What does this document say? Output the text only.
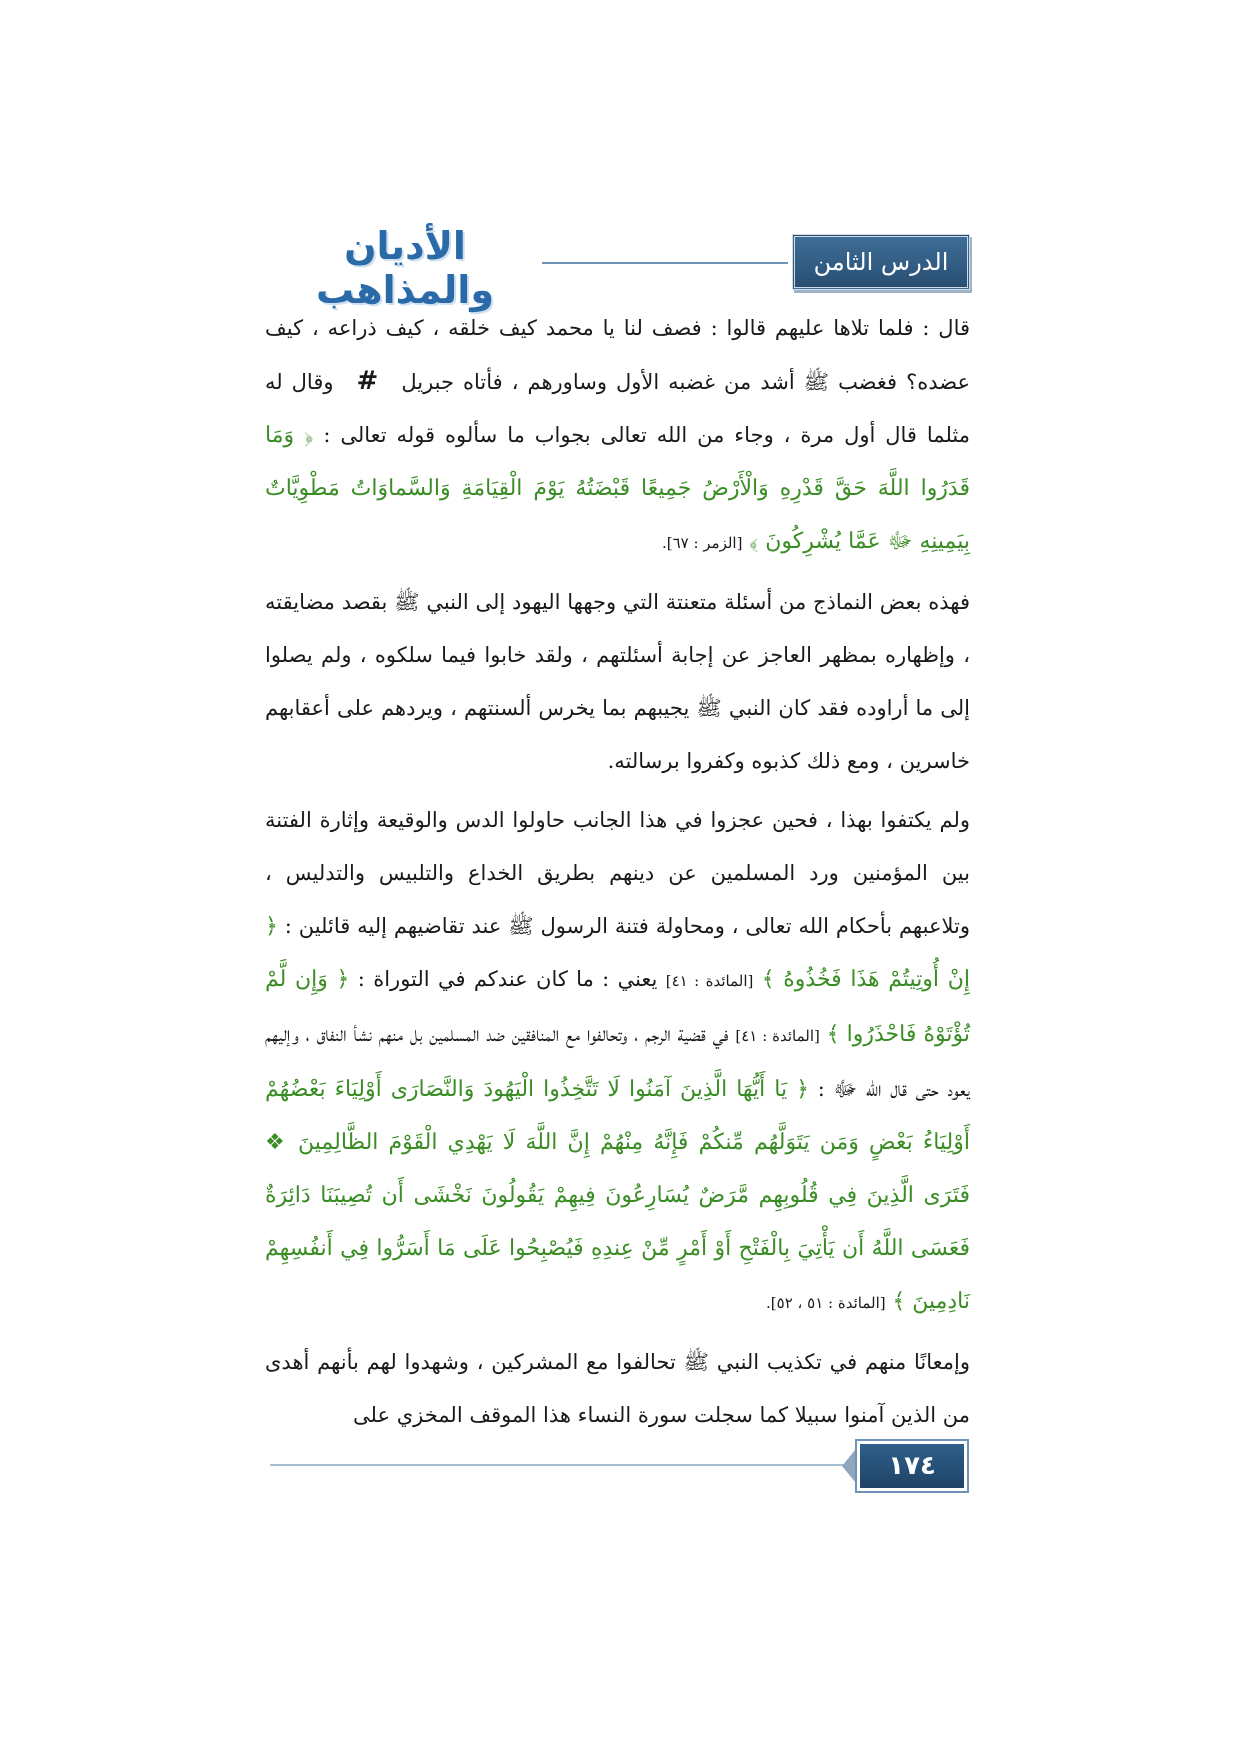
الدرس الثامن
الأديان والمذاهب

قال : فلما تلاها عليهم قالوا : فصف لنا يا محمد كيف خلقه ، كيف ذراعه ، كيف عضده؟ فغضب ﷺ أشد من غضبه الأول وساورهم ، فأتاه جبريل # وقال له مثلما قال أول مرة ، وجاء من الله تعالى بجواب ما سألوه قوله تعالى : ﴿ وَمَا قَدَرُوا اللَّهَ حَقَّ قَدْرِهِ وَالْأَرْضُ جَمِيعًا قَبْضَتُهُ يَوْمَ الْقِيَامَةِ وَالسَّماوَاتُ مَطْوِيَّاتٌ بِيَمِينِهِ ﷻ عَمَّا يُشْرِكُونَ ﴾ [الزمر : ٦٧].

فهذه بعض النماذج من أسئلة متعنتة التي وجهها اليهود إلى النبي ﷺ بقصد مضايقته ، وإظهاره بمظهر العاجز عن إجابة أسئلتهم ، ولقد خابوا فيما سلكوه ، ولم يصلوا إلى ما أراوده فقد كان النبي ﷺ يجيبهم بما يخرس ألسنتهم ، ويردهم على أعقابهم خاسرين ، ومع ذلك كذبوه وكفروا برسالته.

ولم يكتفوا بهذا ، فحين عجزوا في هذا الجانب حاولوا الدس والوقيعة وإثارة الفتنة بين المؤمنين ورد المسلمين عن دينهم بطريق الخداع والتلبيس والتدليس ، وتلاعبهم بأحكام الله تعالى ، ومحاولة فتنة الرسول ﷺ عند تقاضيهم إليه قائلين : ﴿ إِنْ أُوتِيتُمْ هَذَا فَخُذُوهُ ﴾ [المائدة : ٤١] يعني : ما كان عندكم في التوراة : ﴿ وَإِن لَّمْ تُؤْتَوْهُ فَاحْذَرُوا ﴾ [المائدة : ٤١] في قضية الرجم ، وتحالفوا مع المنافقين ضد المسلمين بل منهم نشأ النفاق ، وإليهم يعود حتى قال الله ﷻ : ﴿ يَا أَيُّهَا الَّذِينَ آمَنُوا لَا تَتَّخِذُوا الْيَهُودَ وَالنَّصَارَى أَوْلِيَاءَ بَعْضُهُمْ أَوْلِيَاءُ بَعْضٍ وَمَن يَتَوَلَّهُم مِّنكُمْ فَإِنَّهُ مِنْهُمْ إِنَّ اللَّهَ لَا يَهْدِي الْقَوْمَ الظَّالِمِينَ ❖ فَتَرَى الَّذِينَ فِي قُلُوبِهِم مَّرَضٌ يُسَارِعُونَ فِيهِمْ يَقُولُونَ نَخْشَى أَن تُصِيبَنَا دَائِرَةٌ فَعَسَى اللَّهُ أَن يَأْتِيَ بِالْفَتْحِ أَوْ أَمْرٍ مِّنْ عِندِهِ فَيُصْبِحُوا عَلَى مَا أَسَرُّوا فِي أَنفُسِهِمْ نَادِمِينَ ﴾ [المائدة : ٥١ ، ٥٢].

وإمعانًا منهم في تكذيب النبي ﷺ تحالفوا مع المشركين ، وشهدوا لهم بأنهم أهدى من الذين آمنوا سبيلا كما سجلت سورة النساء هذا الموقف المخزي على

١٧٤
